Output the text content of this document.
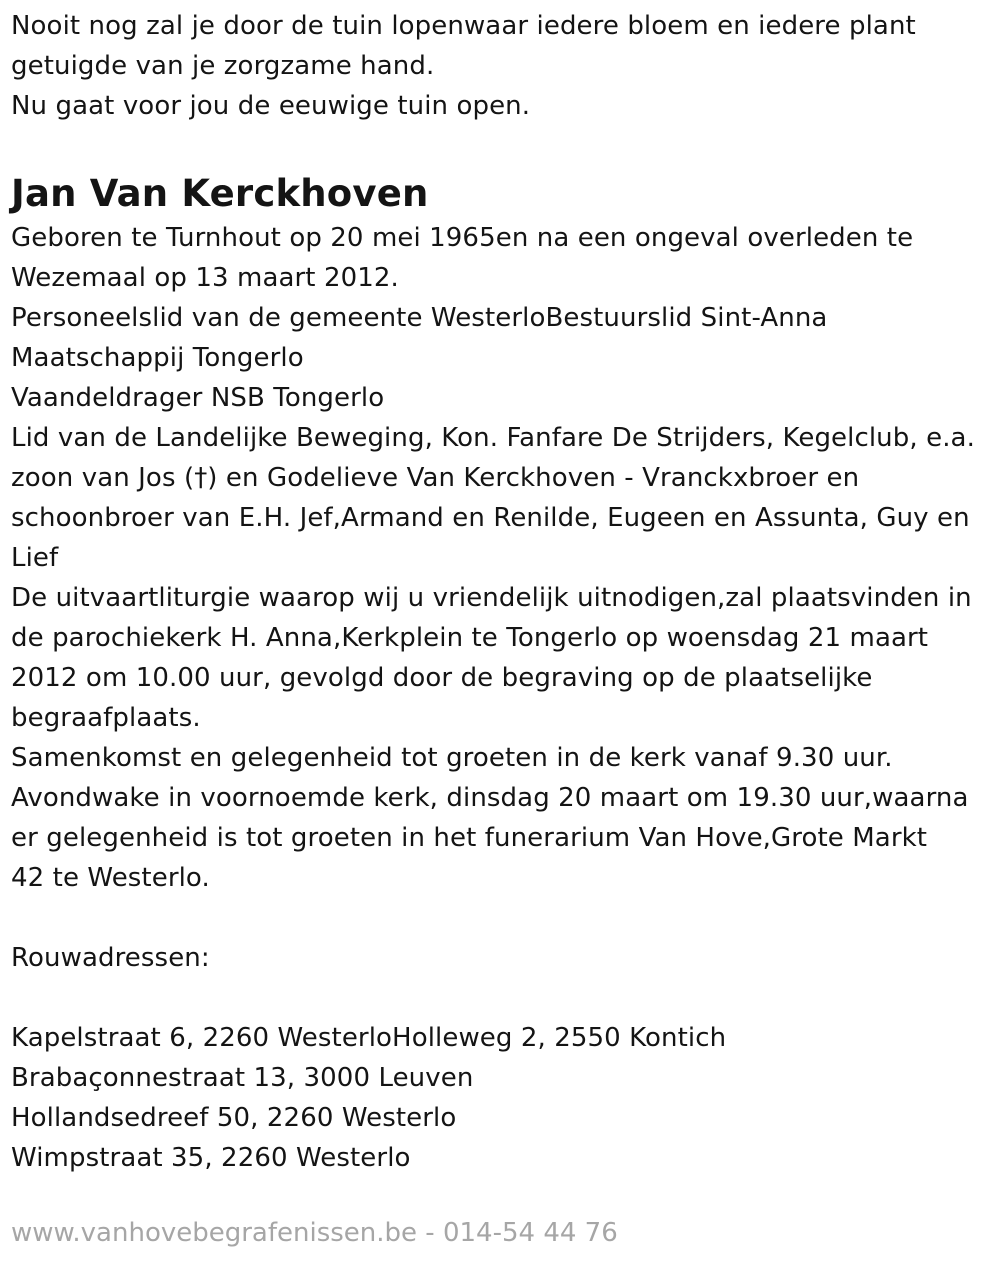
Nooit nog zal je door de tuin lopenwaar iedere bloem en iedere plant
getuigde van je zorgzame hand.
Nu gaat voor jou de eeuwige tuin open.
Jan Van Kerckhoven
Geboren te Turnhout op 20 mei 1965en na een ongeval overleden te
Wezemaal op 13 maart 2012.
Personeelslid van de gemeente WesterloBestuurslid Sint-Anna
Maatschappij Tongerlo
Vaandeldrager NSB Tongerlo
Lid van de Landelijke Beweging, Kon. Fanfare De Strijders, Kegelclub, e.a.
zoon van Jos (†) en Godelieve Van Kerckhoven - Vranckxbroer en
schoonbroer van E.H. Jef,Armand en Renilde, Eugeen en Assunta, Guy en
Lief
De uitvaartliturgie waarop wij u vriendelijk uitnodigen,zal plaatsvinden in
de parochiekerk H. Anna,Kerkplein te Tongerlo op woensdag 21 maart
2012 om 10.00 uur, gevolgd door de begraving op de plaatselijke
begraafplaats.
Samenkomst en gelegenheid tot groeten in de kerk vanaf 9.30 uur.
Avondwake in voornoemde kerk, dinsdag 20 maart om 19.30 uur,waarna
er gelegenheid is tot groeten in het funerarium Van Hove,Grote Markt
42 te Westerlo.
Rouwadressen:
Kapelstraat 6, 2260 WesterloHolleweg 2, 2550 Kontich
Brabaçonnestraat 13, 3000 Leuven
Hollandsedreef 50, 2260 Westerlo
Wimpstraat 35, 2260 Westerlo
www.vanhovebegrafenissen.be - 014-54 44 76
